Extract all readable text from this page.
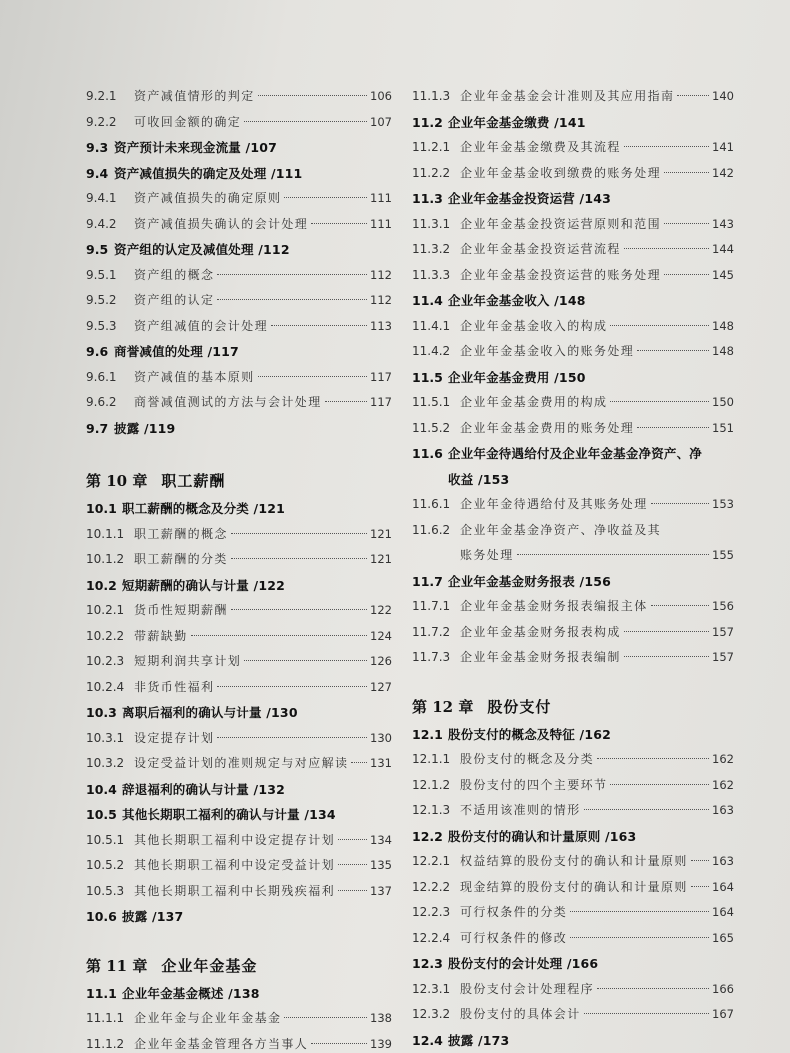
9.2.1	资产减值情形的判定	106
9.2.2	可收回金额的确定	107
9.3 资产预计未来现金流量 /107
9.4 资产减值损失的确定及处理 /111
9.4.1	资产减值损失的确定原则	111
9.4.2	资产减值损失确认的会计处理	111
9.5 资产组的认定及减值处理 /112
9.5.1	资产组的概念	112
9.5.2	资产组的认定	112
9.5.3	资产组减值的会计处理	113
9.6 商誉减值的处理 /117
9.6.1	资产减值的基本原则	117
9.6.2	商誉减值测试的方法与会计处理	117
9.7 披露 /119
第 10 章 职工薪酬
10.1 职工薪酬的概念及分类 /121
10.1.1 职工薪酬的概念	121
10.1.2 职工薪酬的分类	121
10.2 短期薪酬的确认与计量 /122
10.2.1 货币性短期薪酬	122
10.2.2 带薪缺勤	124
10.2.3 短期利润共享计划	126
10.2.4 非货币性福利	127
10.3 离职后福利的确认与计量 /130
10.3.1 设定提存计划	130
10.3.2 设定受益计划的准则规定与对应解读 131
10.4 辞退福利的确认与计量 /132
10.5 其他长期职工福利的确认与计量 /134
10.5.1 其他长期职工福利中设定提存计划	134
10.5.2 其他长期职工福利中设定受益计划	135
10.5.3 其他长期职工福利中长期残疾福利	137
10.6 披露 /137
第 11 章 企业年金基金
11.1 企业年金基金概述 /138
11.1.1 企业年金与企业年金基金	138
11.1.2 企业年金基金管理各方当事人	139
11.1.3 企业年金基金会计准则及其应用指南	140
11.2 企业年金基金缴费 /141
11.2.1 企业年金基金缴费及其流程	141
11.2.2 企业年金基金收到缴费的账务处理	142
11.3 企业年金基金投资运营 /143
11.3.1 企业年金基金投资运营原则和范围	143
11.3.2 企业年金基金投资运营流程	144
11.3.3 企业年金基金投资运营的账务处理	145
11.4 企业年金基金收入 /148
11.4.1 企业年金基金收入的构成	148
11.4.2 企业年金基金收入的账务处理	148
11.5 企业年金基金费用 /150
11.5.1 企业年金基金费用的构成	150
11.5.2 企业年金基金费用的账务处理	151
11.6 企业年金待遇给付及企业年金基金净资产、净
收益 /153
11.6.1 企业年金待遇给付及其账务处理	153
11.6.2 企业年金基金净资产、净收益及其
账务处理	155
11.7 企业年金基金财务报表 /156
11.7.1 企业年金基金财务报表编报主体	156
11.7.2 企业年金基金财务报表构成	157
11.7.3 企业年金基金财务报表编制	157
第 12 章 股份支付
12.1 股份支付的概念及特征 /162
12.1.1 股份支付的概念及分类	162
12.1.2 股份支付的四个主要环节	162
12.1.3 不适用该准则的情形	163
12.2 股份支付的确认和计量原则 /163
12.2.1 权益结算的股份支付的确认和计量原则 163
12.2.2 现金结算的股份支付的确认和计量原则 164
12.2.3 可行权条件的分类	164
12.2.4 可行权条件的修改	165
12.3 股份支付的会计处理 /166
12.3.1 股份支付会计处理程序	166
12.3.2 股份支付的具体会计	167
12.4 披露 /173
